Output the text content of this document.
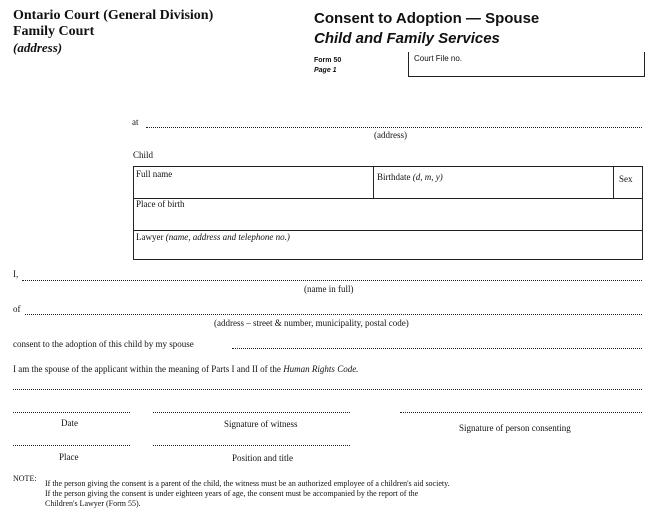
Ontario Court (General Division)
Family Court
(address)
Consent to Adoption — Spouse
Child and Family Services
Form 50
Page 1
Court File no.
at
(address)
Child
Full name	Birthdate (d, m, y)	Sex
Place of birth
Lawyer (name, address and telephone no.)
I,
(name in full)
of
(address – street & number, municipality, postal code)
consent to the adoption of this child by my spouse
I am the spouse of the applicant within the meaning of Parts I and II of the Human Rights Code.
Date	Signature of witness	Signature of person consenting
Place	Position and title
NOTE:
If the person giving the consent is a parent of the child, the witness must be an authorized employee of a children's aid society.
If the person giving the consent is under eighteen years of age, the consent must be accompanied by the report of the
Children's Lawyer (Form 55).
